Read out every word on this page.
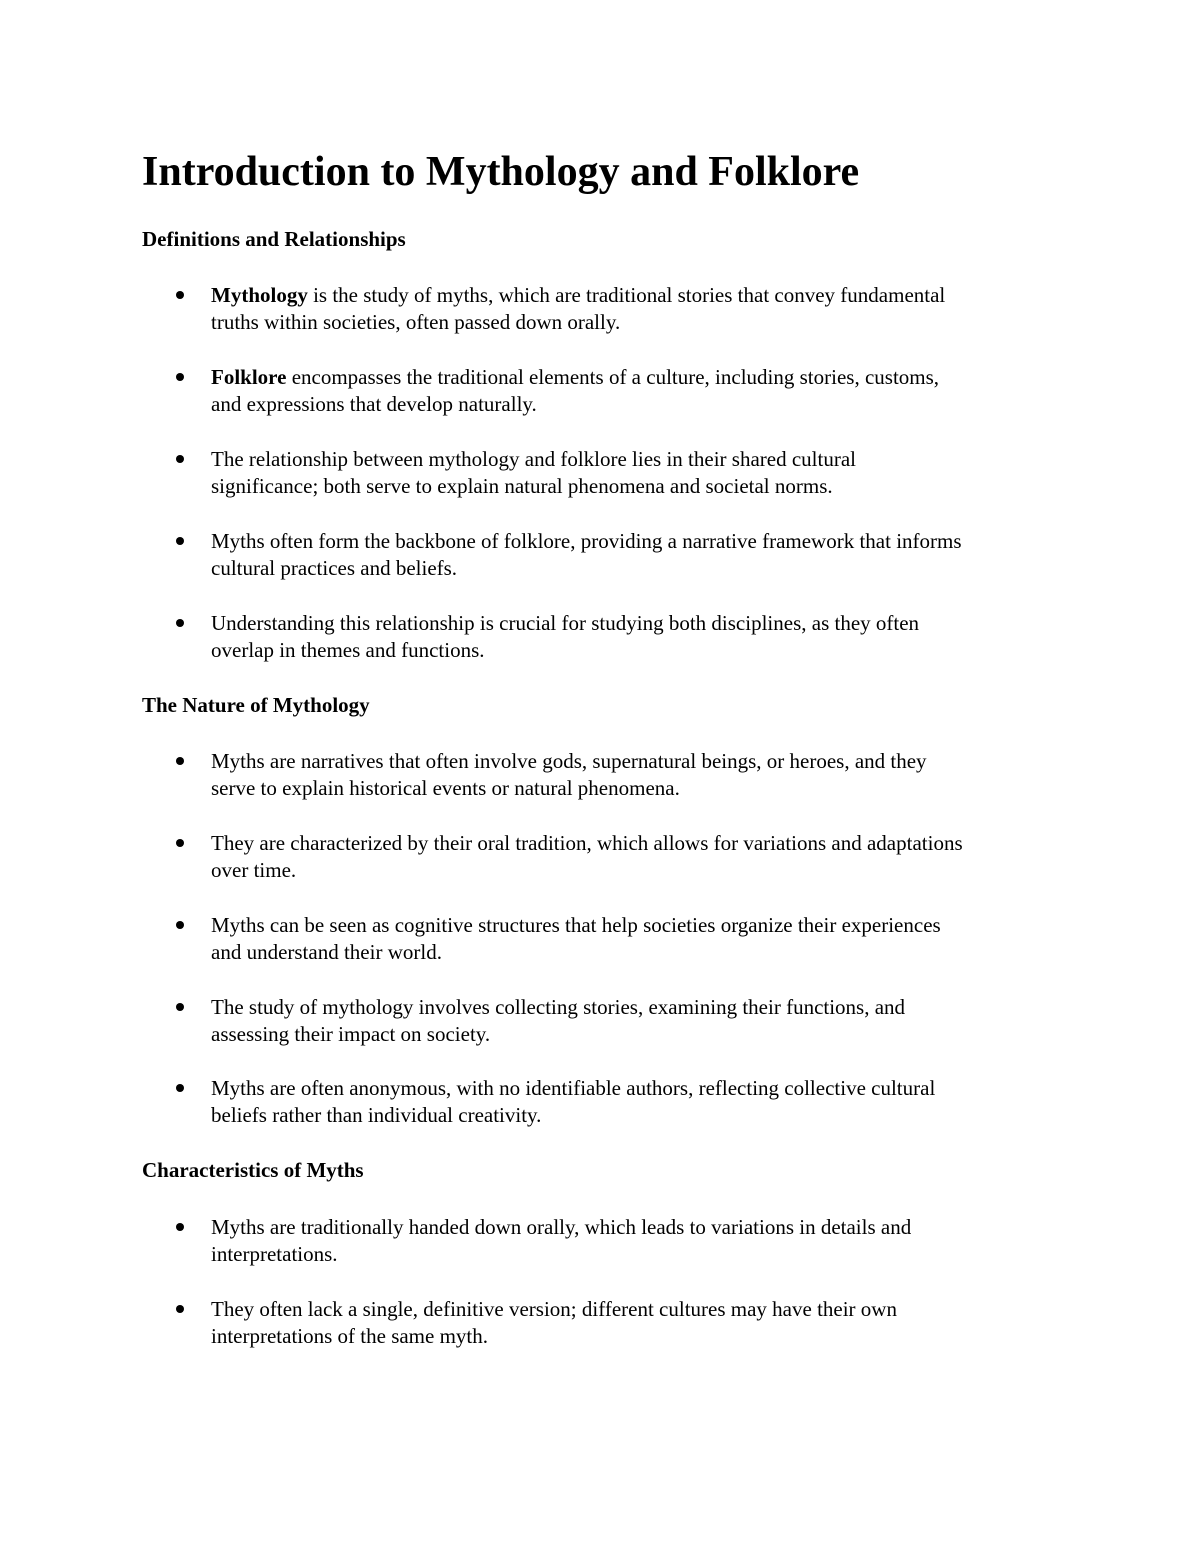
Introduction to Mythology and Folklore
Definitions and Relationships
Mythology is the study of myths, which are traditional stories that convey fundamental
truths within societies, often passed down orally.
Folklore encompasses the traditional elements of a culture, including stories, customs,
and expressions that develop naturally.
The relationship between mythology and folklore lies in their shared cultural
significance; both serve to explain natural phenomena and societal norms.
Myths often form the backbone of folklore, providing a narrative framework that informs
cultural practices and beliefs.
Understanding this relationship is crucial for studying both disciplines, as they often
overlap in themes and functions.
The Nature of Mythology
Myths are narratives that often involve gods, supernatural beings, or heroes, and they
serve to explain historical events or natural phenomena.
They are characterized by their oral tradition, which allows for variations and adaptations
over time.
Myths can be seen as cognitive structures that help societies organize their experiences
and understand their world.
The study of mythology involves collecting stories, examining their functions, and
assessing their impact on society.
Myths are often anonymous, with no identifiable authors, reflecting collective cultural
beliefs rather than individual creativity.
Characteristics of Myths
Myths are traditionally handed down orally, which leads to variations in details and
interpretations.
They often lack a single, definitive version; different cultures may have their own
interpretations of the same myth.
